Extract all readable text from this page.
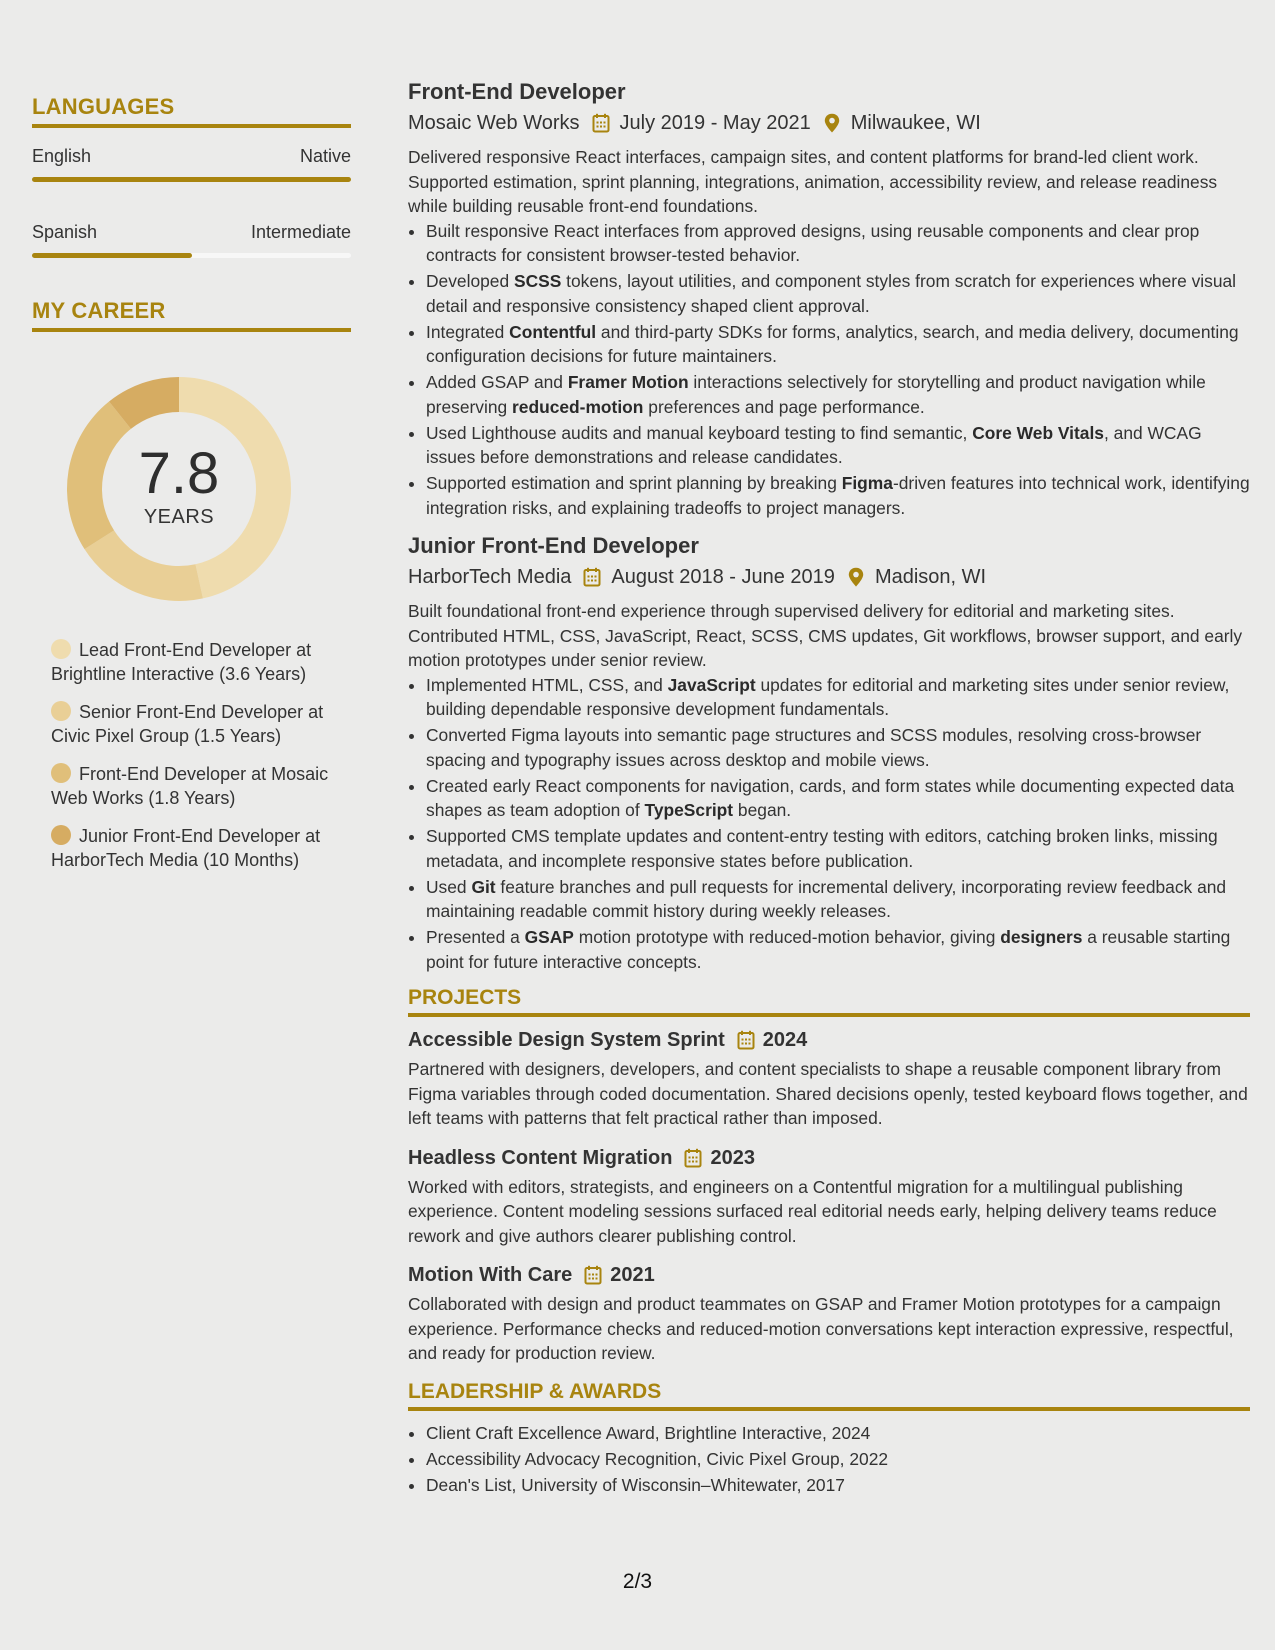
LANGUAGES
English	Native
Spanish	Intermediate
MY CAREER
7.8
YEARS
Lead Front-End Developer at Brightline Interactive (3.6 Years)
Senior Front-End Developer at Civic Pixel Group (1.5 Years)
Front-End Developer at Mosaic Web Works (1.8 Years)
Junior Front-End Developer at HarborTech Media (10 Months)
Front-End Developer
Mosaic Web Works July 2019 - May 2021 Milwaukee, WI
Delivered responsive React interfaces, campaign sites, and content platforms for brand-led client work. Supported estimation, sprint planning, integrations, animation, accessibility review, and release readiness while building reusable front-end foundations.
• Built responsive React interfaces from approved designs, using reusable components and clear prop contracts for consistent browser-tested behavior.
• Developed SCSS tokens, layout utilities, and component styles from scratch for experiences where visual detail and responsive consistency shaped client approval.
• Integrated Contentful and third-party SDKs for forms, analytics, search, and media delivery, documenting configuration decisions for future maintainers.
• Added GSAP and Framer Motion interactions selectively for storytelling and product navigation while preserving reduced-motion preferences and page performance.
• Used Lighthouse audits and manual keyboard testing to find semantic, Core Web Vitals, and WCAG issues before demonstrations and release candidates.
• Supported estimation and sprint planning by breaking Figma-driven features into technical work, identifying integration risks, and explaining tradeoffs to project managers.
Junior Front-End Developer
HarborTech Media August 2018 - June 2019 Madison, WI
Built foundational front-end experience through supervised delivery for editorial and marketing sites. Contributed HTML, CSS, JavaScript, React, SCSS, CMS updates, Git workflows, browser support, and early motion prototypes under senior review.
• Implemented HTML, CSS, and JavaScript updates for editorial and marketing sites under senior review, building dependable responsive development fundamentals.
• Converted Figma layouts into semantic page structures and SCSS modules, resolving cross-browser spacing and typography issues across desktop and mobile views.
• Created early React components for navigation, cards, and form states while documenting expected data shapes as team adoption of TypeScript began.
• Supported CMS template updates and content-entry testing with editors, catching broken links, missing metadata, and incomplete responsive states before publication.
• Used Git feature branches and pull requests for incremental delivery, incorporating review feedback and maintaining readable commit history during weekly releases.
• Presented a GSAP motion prototype with reduced-motion behavior, giving designers a reusable starting point for future interactive concepts.
PROJECTS
Accessible Design System Sprint 2024
Partnered with designers, developers, and content specialists to shape a reusable component library from Figma variables through coded documentation. Shared decisions openly, tested keyboard flows together, and left teams with patterns that felt practical rather than imposed.
Headless Content Migration 2023
Worked with editors, strategists, and engineers on a Contentful migration for a multilingual publishing experience. Content modeling sessions surfaced real editorial needs early, helping delivery teams reduce rework and give authors clearer publishing control.
Motion With Care 2021
Collaborated with design and product teammates on GSAP and Framer Motion prototypes for a campaign experience. Performance checks and reduced-motion conversations kept interaction expressive, respectful, and ready for production review.
LEADERSHIP & AWARDS
• Client Craft Excellence Award, Brightline Interactive, 2024
• Accessibility Advocacy Recognition, Civic Pixel Group, 2022
• Dean's List, University of Wisconsin–Whitewater, 2017
2/3
